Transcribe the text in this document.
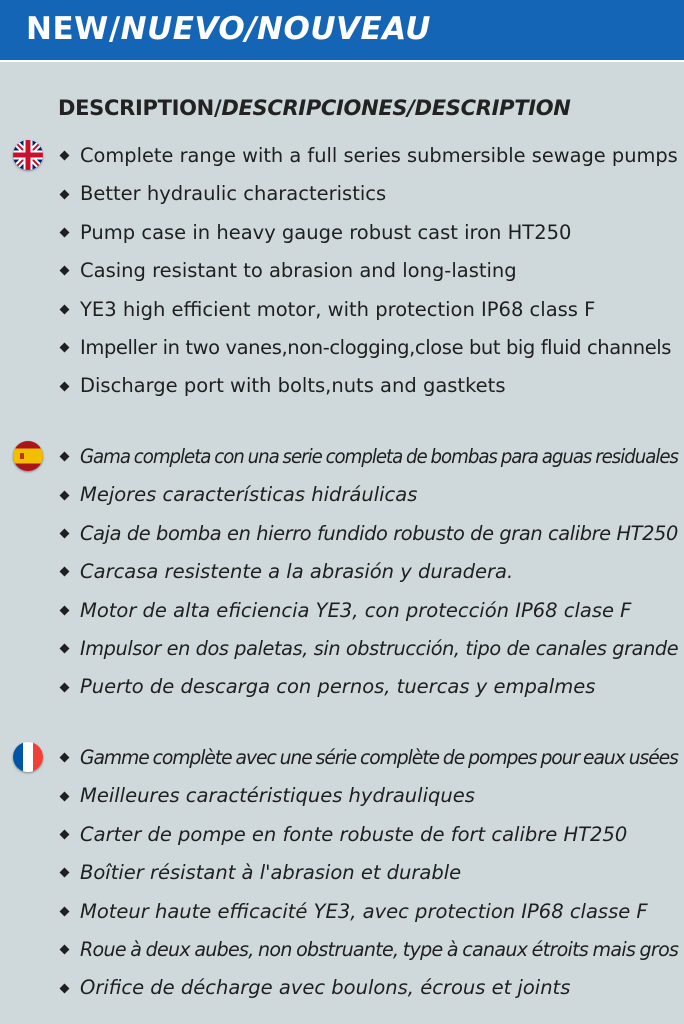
NEW/NUEVO/NOUVEAU
DESCRIPTION/DESCRIPCIONES/DESCRIPTION
Complete range with a full series submersible sewage pumps
Better hydraulic characteristics
Pump case in heavy gauge robust cast iron HT250
Casing resistant to abrasion and long-lasting
YE3 high efficient motor, with protection IP68 class F
Impeller in two vanes,non-clogging,close but big fluid channels
Discharge port with bolts,nuts and gastkets
Gama completa con una serie completa de bombas para aguas residuales
Mejores características hidráulicas
Caja de bomba en hierro fundido robusto de gran calibre HT250
Carcasa resistente a la abrasión y duradera.
Motor de alta eficiencia YE3, con protección IP68 clase F
Impulsor en dos paletas, sin obstrucción, tipo de canales grande
Puerto de descarga con pernos, tuercas y empalmes
Gamme complète avec une série complète de pompes pour eaux usées
Meilleures caractéristiques hydrauliques
Carter de pompe en fonte robuste de fort calibre HT250
Boîtier résistant à l'abrasion et durable
Moteur haute efficacité YE3, avec protection IP68 classe F
Roue à deux aubes, non obstruante, type à canaux étroits mais gros
Orifice de décharge avec boulons, écrous et joints
